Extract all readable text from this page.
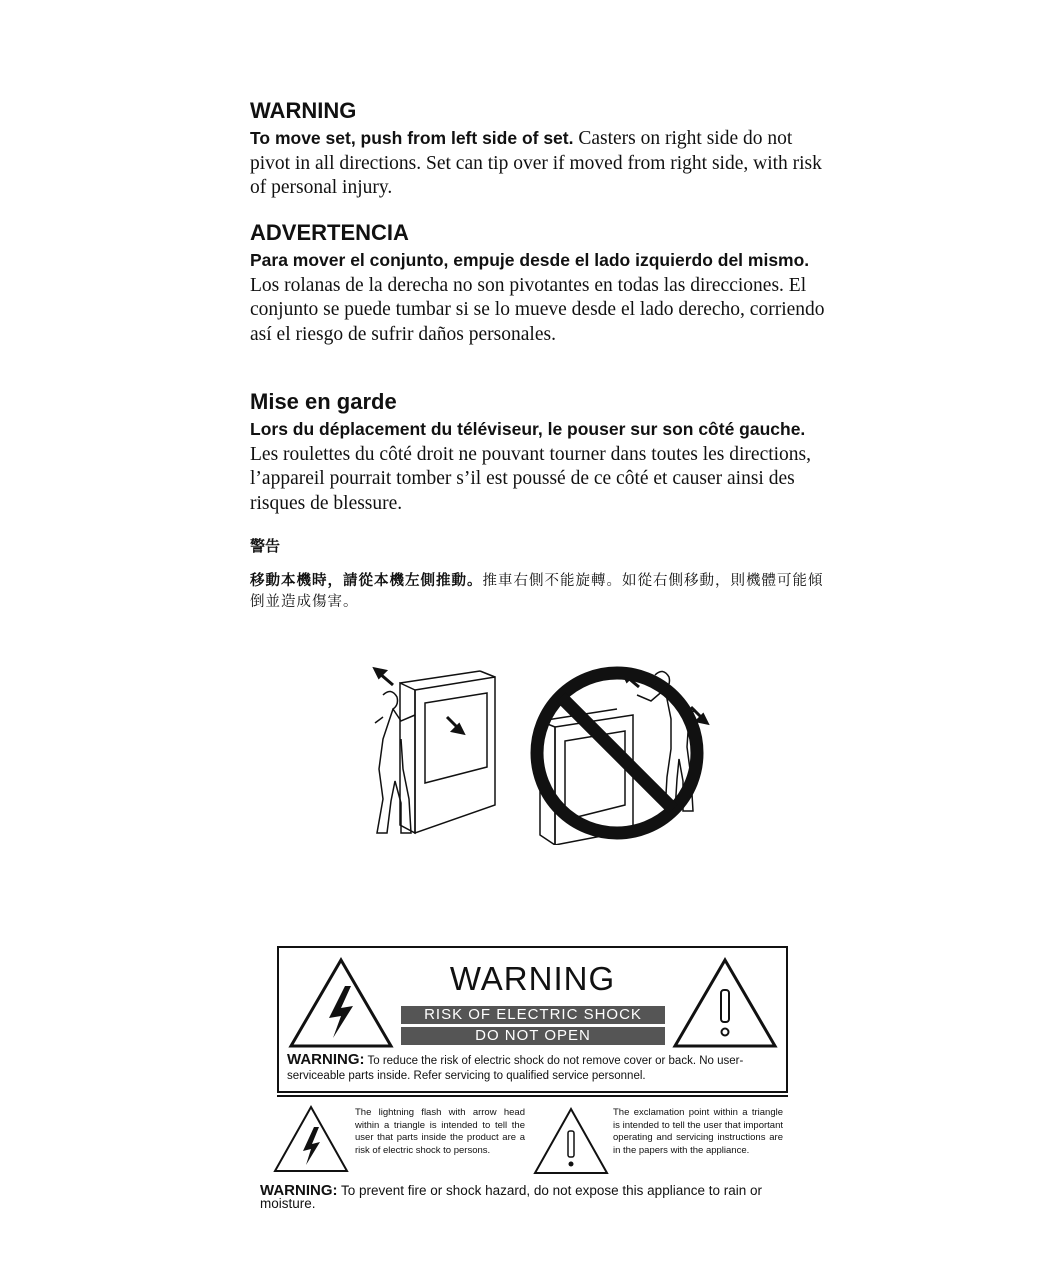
WARNING

To move set, push from left side of set. Casters on right side do not pivot in all directions. Set can tip over if moved from right side, with risk of personal injury.

ADVERTENCIA

Para mover el conjunto, empuje desde el lado izquierdo del mismo. Los rolanas de la derecha no son pivotantes en todas las direcciones. El conjunto se puede tumbar si se lo mueve desde el lado derecho, corriendo así el riesgo de sufrir daños personales.

Mise en garde

Lors du déplacement du téléviseur, le pouser sur son côté gauche. Les roulettes du côté droit ne pouvant tourner dans toutes les directions, l’appareil pourrait tomber s’il est poussé de ce côté et causer ainsi des risques de blessure.

警告

移動本機時，請從本機左側推動。推車右側不能旋轉。如從右側移動，則機體可能傾倒並造成傷害。

WARNING
RISK OF ELECTRIC SHOCK
DO NOT OPEN
WARNING: To reduce the risk of electric shock do not remove cover or back. No user-serviceable parts inside. Refer servicing to qualified service personnel.
The lightning flash with arrow head within a triangle is intended to tell the user that parts inside the product are a risk of electric shock to persons.
The exclamation point within a triangle is intended to tell the user that important operating and servicing instructions are in the papers with the appliance.
WARNING: To prevent fire or shock hazard, do not expose this appliance to rain or moisture.
